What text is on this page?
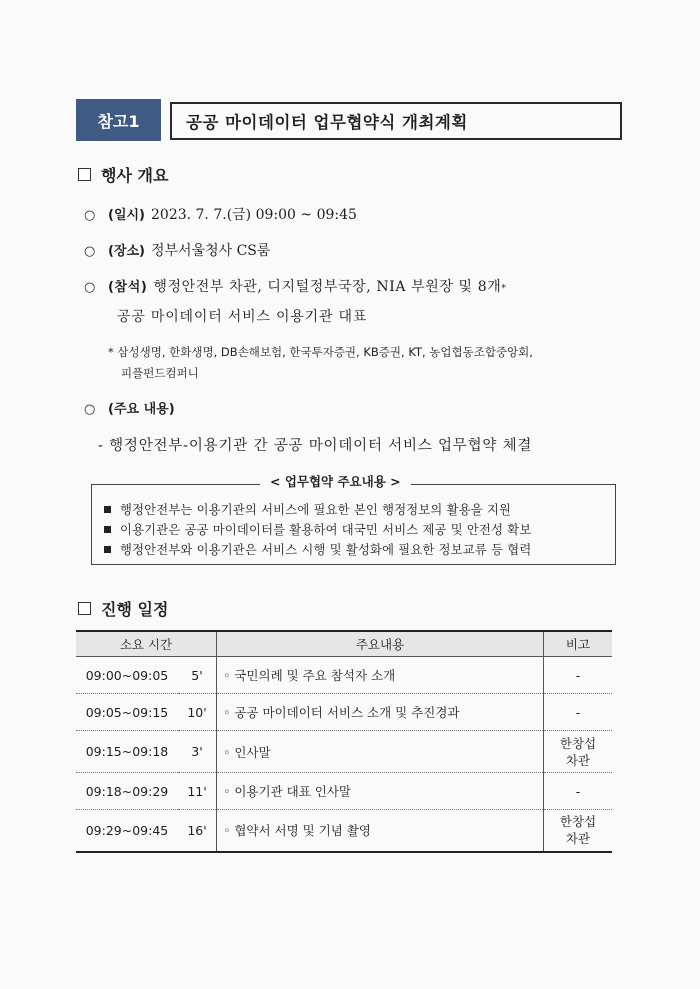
참고1	공공 마이데이터 업무협약식 개최계획
행사 개요
○ (일시) 2023. 7. 7.(금) 09:00 ~ 09:45
○ (장소) 정부서울청사 CS룸
○ (참석) 행정안전부 차관, 디지털정부국장, NIA 부원장 및 8개$_*$
공공 마이데이터 서비스 이용기관 대표
* 삼성생명, 한화생명, DB손해보험, 한국투자증권, KB증권, KT, 농업협동조합중앙회,
피플펀드컴퍼니
○ (주요 내용)
- 행정안전부-이용기관 간 공공 마이데이터 서비스 업무협약 체결
< 업무협약 주요내용 >
행정안전부는 이용기관의 서비스에 필요한 본인 행정정보의 활용을 지원
이용기관은 공공 마이데이터를 활용하여 대국민 서비스 제공 및 안전성 확보
행정안전부와 이용기관은 서비스 시행 및 활성화에 필요한 정보교류 등 협력
진행 일정
소요 시간		주요내용	비고
09:00~09:05	5'	◦ 국민의례 및 주요 참석자 소개	-
09:05~09:15	10'	◦ 공공 마이데이터 서비스 소개 및 추진경과	-
09:15~09:18	3'	◦ 인사말	한창섭
차관
09:18~09:29	11'	◦ 이용기관 대표 인사말	-
09:29~09:45	16'	◦ 협약서 서명 및 기념 촬영	한창섭
차관
